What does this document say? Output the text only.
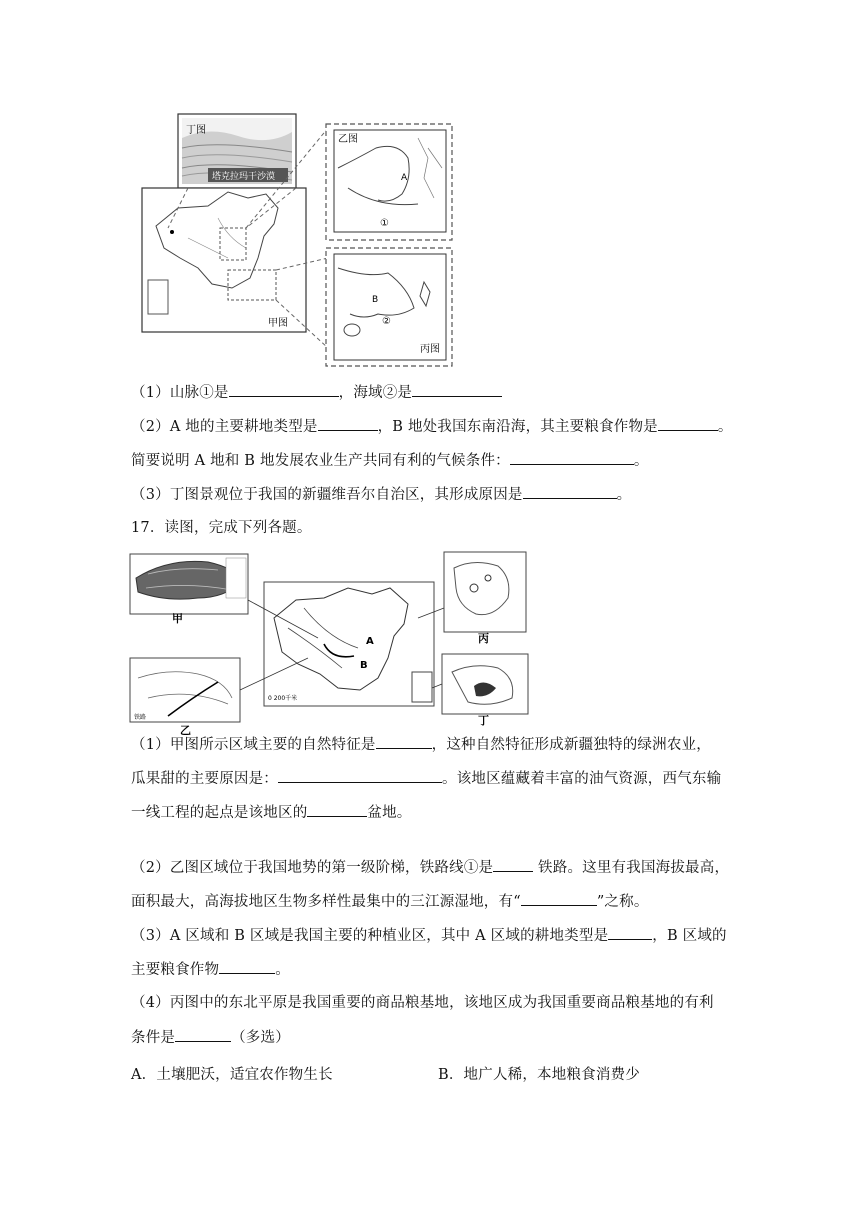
丁图
塔克拉玛干沙漠
甲图
乙图
A
①
B
②
丙图
（1）山脉①是	，海域②是
（2）A 地的主要耕地类型是	，B 地处我国东南沿海，其主要粮食作物是	。
简要说明 A 地和 B 地发展农业生产共同有利的气候条件：	。
（3）丁图景观位于我国的新疆维吾尔自治区，其形成原因是	。
17．读图，完成下列各题。
甲
A
B
0 200千米
丙
铁路
乙
丁
（1）甲图所示区域主要的自然特征是	，这种自然特征形成新疆独特的绿洲农业，
瓜果甜的主要原因是：	。该地区蕴藏着丰富的油气资源，西气东输
一线工程的起点是该地区的	盆地。
（2）乙图区域位于我国地势的第一级阶梯，铁路线①是	铁路。这里有我国海拔最高，
面积最大，高海拔地区生物多样性最集中的三江源湿地，有“	”之称。
（3）A 区域和 B 区域是我国主要的种植业区，其中 A 区域的耕地类型是	，B 区域的
主要粮食作物	。
（4）丙图中的东北平原是我国重要的商品粮基地，该地区成为我国重要商品粮基地的有利
条件是	（多选）
A．土壤肥沃，适宜农作物生长	B．地广人稀，本地粮食消费少
